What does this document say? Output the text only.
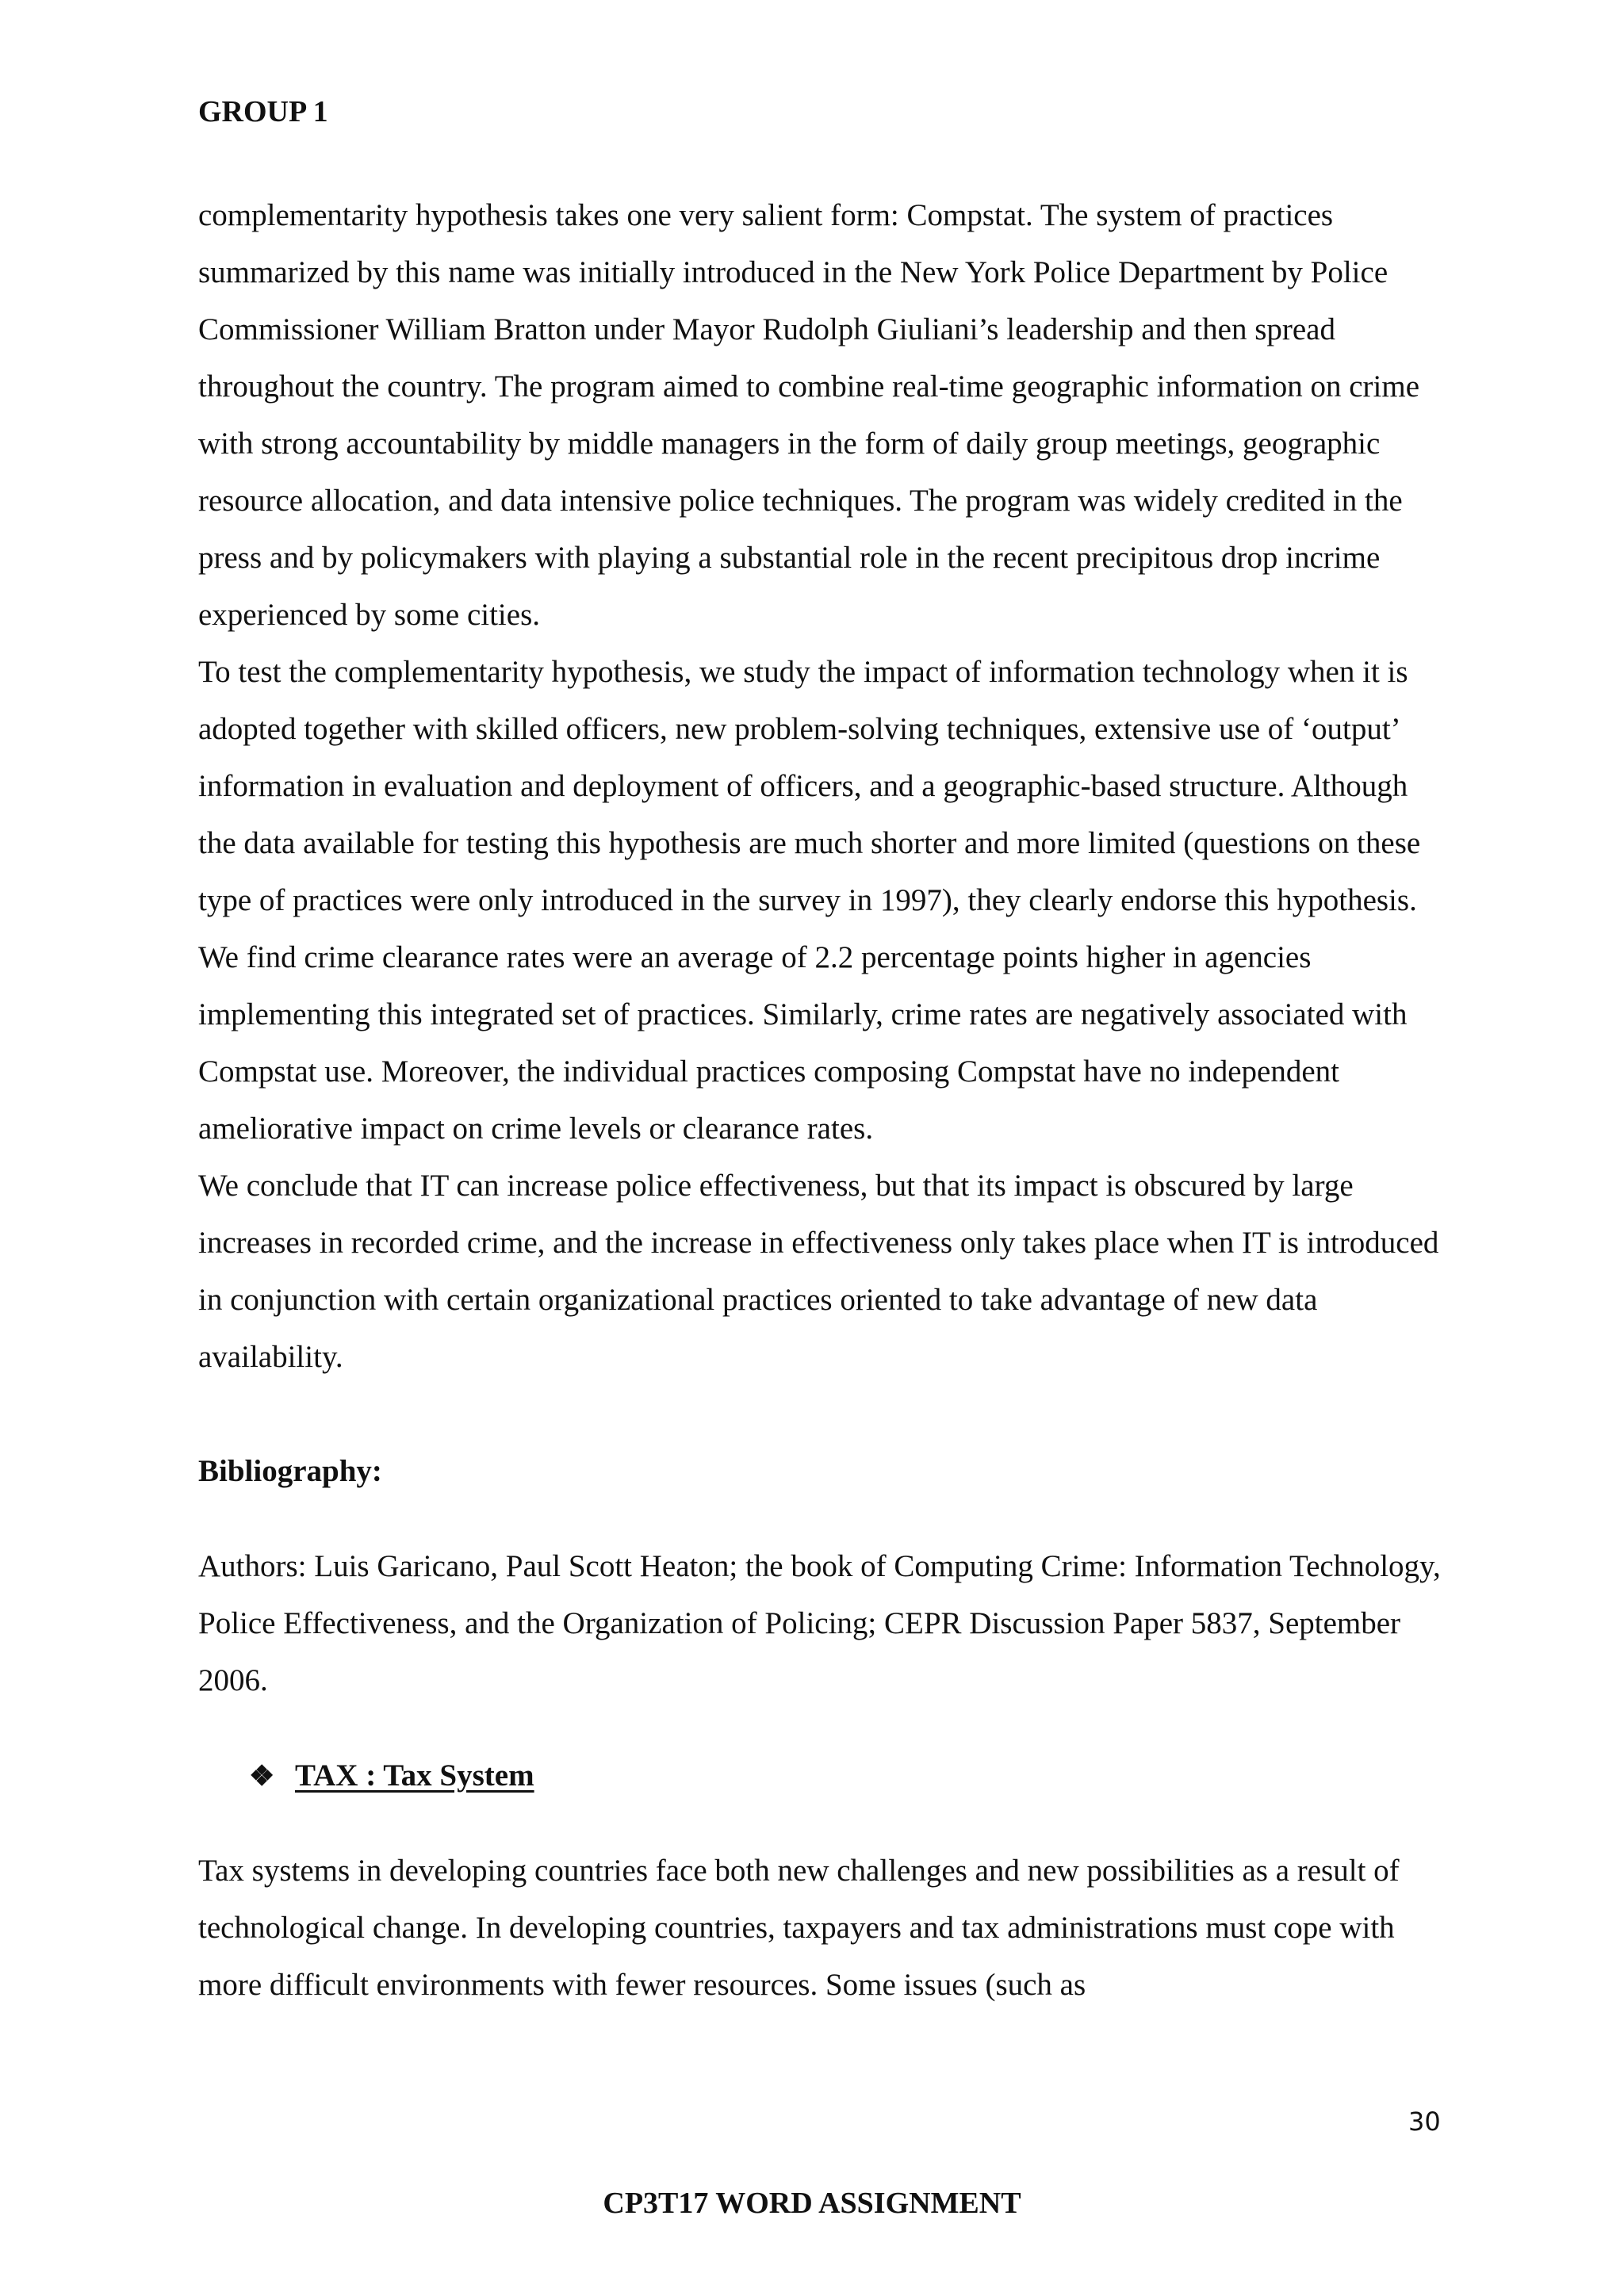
GROUP 1

complementarity hypothesis takes one very salient form: Compstat. The system of practices summarized by this name was initially introduced in the New York Police Department by Police Commissioner William Bratton under Mayor Rudolph Giuliani’s leadership and then spread throughout the country. The program aimed to combine real-time geographic information on crime with strong accountability by middle managers in the form of daily group meetings, geographic resource allocation, and data intensive police techniques. The program was widely credited in the press and by policymakers with playing a substantial role in the recent precipitous drop incrime experienced by some cities.

To test the complementarity hypothesis, we study the impact of information technology when it is adopted together with skilled officers, new problem-solving techniques, extensive use of ‘output’ information in evaluation and deployment of officers, and a geographic-based structure. Although the data available for testing this hypothesis are much shorter and more limited (questions on these type of practices were only introduced in the survey in 1997), they clearly endorse this hypothesis. We find crime clearance rates were an average of 2.2 percentage points higher in agencies implementing this integrated set of practices. Similarly, crime rates are negatively associated with Compstat use. Moreover, the individual practices composing Compstat have no independent ameliorative impact on crime levels or clearance rates.

We conclude that IT can increase police effectiveness, but that its impact is obscured by large increases in recorded crime, and the increase in effectiveness only takes place when IT is introduced in conjunction with certain organizational practices oriented to take advantage of new data availability.

Bibliography:

Authors: Luis Garicano, Paul Scott Heaton; the book of Computing Crime: Information Technology, Police Effectiveness, and the Organization of Policing; CEPR Discussion Paper 5837, September 2006.

❖ TAX : Tax System

Tax systems in developing countries face both new challenges and new possibilities as a result of technological change. In developing countries, taxpayers and tax administrations must cope with more difficult environments with fewer resources. Some issues (such as

30
CP3T17 WORD ASSIGNMENT
